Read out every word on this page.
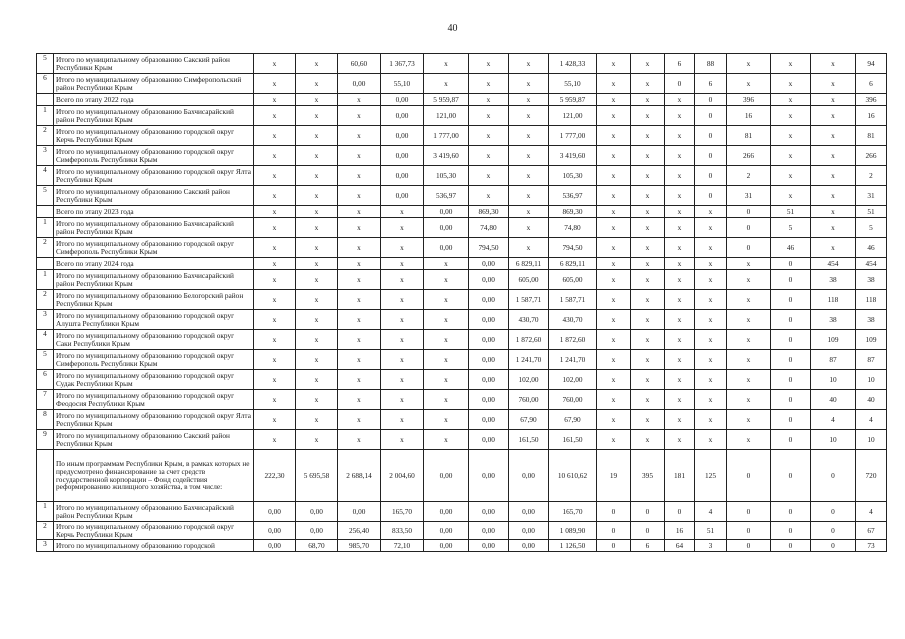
40
5	Итого по муниципальному образованию Сакский район Республики Крым	x	x	60,60	1 367,73	x	x	x	1 428,33	x	x	6	88	x	x	x	94
6	Итого по муниципальному образованию Симферопольский район Республики Крым	x	x	0,00	55,10	x	x	x	55,10	x	x	0	6	x	x	x	6
	Всего по этапу 2022 года	x	x	x	0,00	5 959,87	x	x	5 959,87	x	x	x	0	396	x	x	396
1	Итого по муниципальному образованию Бахчисарайский район Республики Крым	x	x	x	0,00	121,00	x	x	121,00	x	x	x	0	16	x	x	16
2	Итого по муниципальному образованию городской округ Керчь Республики Крым	x	x	x	0,00	1 777,00	x	x	1 777,00	x	x	x	0	81	x	x	81
3	Итого по муниципальному образованию городской округ Симферополь Республики Крым	x	x	x	0,00	3 419,60	x	x	3 419,60	x	x	x	0	266	x	x	266
4	Итого по муниципальному образованию городской округ Ялта Республики Крым	x	x	x	0,00	105,30	x	x	105,30	x	x	x	0	2	x	x	2
5	Итого по муниципальному образованию Сакский район Республики Крым	x	x	x	0,00	536,97	x	x	536,97	x	x	x	0	31	x	x	31
	Всего по этапу 2023 года	x	x	x	x	0,00	869,30	x	869,30	x	x	x	x	0	51	x	51
1	Итого по муниципальному образованию Бахчисарайский район Республики Крым	x	x	x	x	0,00	74,80	x	74,80	x	x	x	x	0	5	x	5
2	Итого по муниципальному образованию городской округ Симферополь Республики Крым	x	x	x	x	0,00	794,50	x	794,50	x	x	x	x	0	46	x	46
	Всего по этапу 2024 года	x	x	x	x	x	0,00	6 829,11	6 829,11	x	x	x	x	x	0	454	454
1	Итого по муниципальному образованию Бахчисарайский район Республики Крым	x	x	x	x	x	0,00	605,00	605,00	x	x	x	x	x	0	38	38
2	Итого по муниципальному образованию Белогорский район Республики Крым	x	x	x	x	x	0,00	1 587,71	1 587,71	x	x	x	x	x	0	118	118
3	Итого по муниципальному образованию городской округ Алушта Республики Крым	x	x	x	x	x	0,00	430,70	430,70	x	x	x	x	x	0	38	38
4	Итого по муниципальному образованию городской округ Саки Республики Крым	x	x	x	x	x	0,00	1 872,60	1 872,60	x	x	x	x	x	0	109	109
5	Итого по муниципальному образованию городской округ Симферополь Республики Крым	x	x	x	x	x	0,00	1 241,70	1 241,70	x	x	x	x	x	0	87	87
6	Итого по муниципальному образованию городской округ Судак Республики Крым	x	x	x	x	x	0,00	102,00	102,00	x	x	x	x	x	0	10	10
7	Итого по муниципальному образованию городской округ Феодосия Республики Крым	x	x	x	x	x	0,00	760,00	760,00	x	x	x	x	x	0	40	40
8	Итого по муниципальному образованию городской округ Ялта Республики Крым	x	x	x	x	x	0,00	67,90	67,90	x	x	x	x	x	0	4	4
9	Итого по муниципальному образованию Сакский район Республики Крым	x	x	x	x	x	0,00	161,50	161,50	x	x	x	x	x	0	10	10
	По иным программам Республики Крым, в рамках которых не предусмотрено финансирование за счет средств государственной корпорации – Фонд содействия реформированию жилищного хозяйства, в том числе:	222,30	5 695,58	2 688,14	2 004,60	0,00	0,00	0,00	10 610,62	19	395	181	125	0	0	0	720
1	Итого по муниципальному образованию Бахчисарайский район Республики Крым	0,00	0,00	0,00	165,70	0,00	0,00	0,00	165,70	0	0	0	4	0	0	0	4
2	Итого по муниципальному образованию городской округ Керчь Республики Крым	0,00	0,00	256,40	833,50	0,00	0,00	0,00	1 089,90	0	0	16	51	0	0	0	67
3	Итого по муниципальному образованию городской	0,00	68,70	985,70	72,10	0,00	0,00	0,00	1 126,50	0	6	64	3	0	0	0	73
